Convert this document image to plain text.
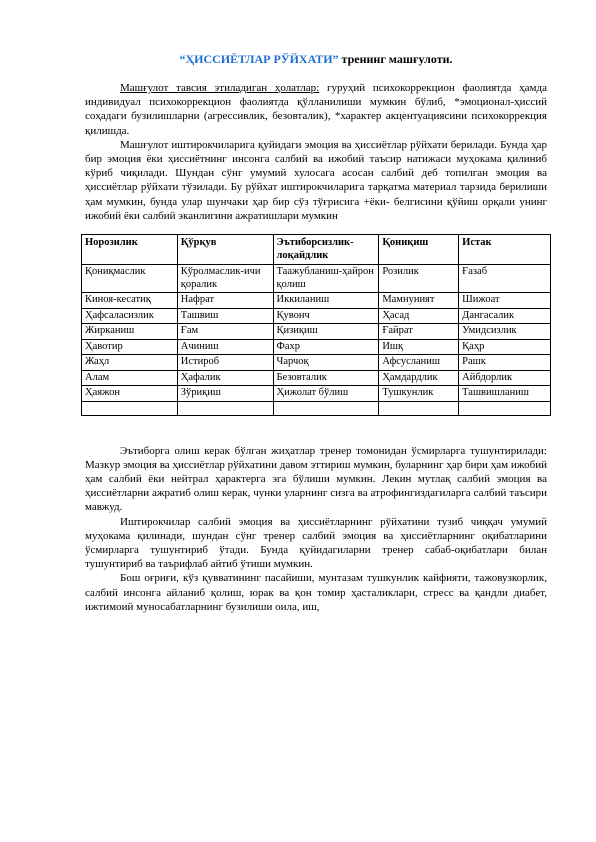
“ҲИССИЁТЛАР РЎЙХАТИ” тренинг машғулоти.

Машғулот тавсия этиладиган ҳолатлар: гуруҳий психокоррекцион фаолиятда ҳамда индивидуал психокоррекцион фаолиятда қўлланилиши мумкин бўлиб, *эмоционал-ҳиссий соҳадаги бузилишларни (агрессивлик, безовталик), *характер акцентуациясини психокоррекция қилишда.

Машғулот иштирокчиларига қуйидаги эмоция ва ҳиссиётлар рўйхати берилади. Бунда ҳар бир эмоция ёки ҳиссиётнинг инсонга салбий ва ижобий таъсир натижаси муҳокама қилиниб кўриб чиқилади. Шундан сўнг умумий хулосага асосан салбий деб топилган эмоция ва ҳиссиётлар рўйхати тўзилади. Бу рўйхат иштирокчиларига тарқатма материал тарзида берилиши ҳам мумкин, бунда улар шунчаки ҳар бир сўз тўғрисига +ёки- белгисини қўйиш орқали унинг ижобий ёки салбий эканлигини ажратишлари мумкин

Норозилик	Қўрқув	Эътиборсизлик-лоқайдлик	Қониқиш	Истак
Қониқмаслик	Кўролмаслик-ичи қоралик	Таажубланиш-ҳайрон қолиш	Розилик	Ғазаб
Киноя-кесатиқ	Нафрат	Иккиланиш	Мамнуният	Шижоат
Ҳафсаласизлик	Ташвиш	Қувонч	Ҳасад	Дангасалик
Жирканиш	Ғам	Қизиқиш	Ғайрат	Умидсизлик
Ҳавотир	Ачиниш	Фахр	Ишқ	Қаҳр
Жаҳл	Истироб	Чарчоқ	Афсусланиш	Рашк
Алам	Ҳафалик	Безовталик	Ҳамдардлик	Айбдорлик
Ҳаяжон	Зўриқиш	Ҳижолат бўлиш	Тушкунлик	Ташвишланиш

Эътиборга олиш керак бўлган жиҳатлар тренер томонидан ўсмирларга тушунтирилади: Мазкур эмоция ва ҳиссиётлар рўйхатини давом эттириш мумкин, буларнинг ҳар бири ҳам ижобий ҳам салбий ёки нейтрал ҳарактерга эга бўлиши мумкин. Лекин мутлақ салбий эмоция ва ҳиссиётларни ажратиб олиш керак, чунки уларнинг сизга ва атрофингиздагиларга салбий таъсири мавжуд.

Иштирокчилар салбий эмоция ва ҳиссиётларнинг рўйхатини тузиб чиққач умумий муҳокама қилинади, шундан сўнг тренер салбий эмоция ва ҳиссиётларнинг оқибатларини ўсмирларга тушунтириб ўтади. Бунда қуйидагиларни тренер сабаб-оқибатлари билан тушунтириб ва таърифлаб айтиб ўтиши мумкин.

Бош оғриғи, кўз қувватининг пасайиши, мунтазам тушкунлик кайфияти, тажовузкорлик, салбий инсонга айланиб қолиш, юрак ва қон томир ҳасталиклари, стресс ва қандли диабет, ижтимоий муносабатларнинг бузилиши оила, иш,
